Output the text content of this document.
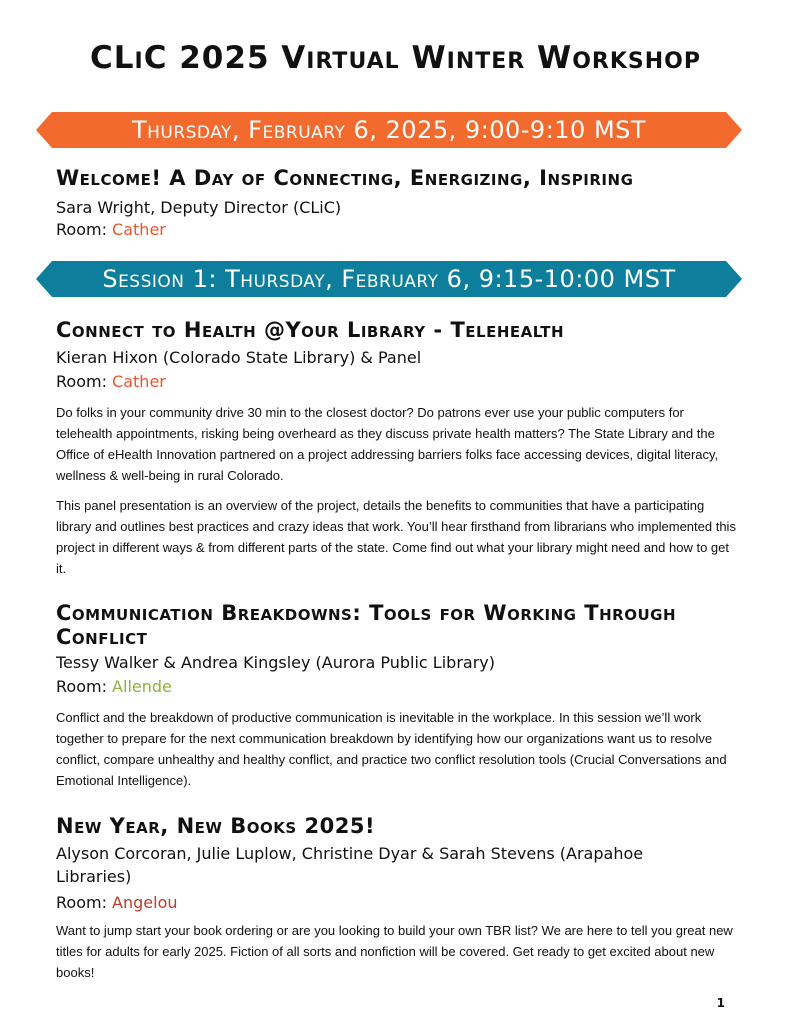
CLiC 2025 Virtual Winter Workshop
Thursday, February 6, 2025, 9:00-9:10 MST
Welcome! A Day of Connecting, Energizing, Inspiring
Sara Wright, Deputy Director (CLiC)
Room: Cather
Session 1: Thursday, February 6, 9:15-10:00 MST
Connect to Health @Your Library - Telehealth
Kieran Hixon (Colorado State Library) & Panel
Room: Cather

Do folks in your community drive 30 min to the closest doctor? Do patrons ever use your public computers for telehealth appointments, risking being overheard as they discuss private health matters? The State Library and the Office of eHealth Innovation partnered on a project addressing barriers folks face accessing devices, digital literacy, wellness & well-being in rural Colorado.

This panel presentation is an overview of the project, details the benefits to communities that have a participating library and outlines best practices and crazy ideas that work. You’ll hear firsthand from librarians who implemented this project in different ways & from different parts of the state. Come find out what your library might need and how to get it.

Communication Breakdowns: Tools for Working Through Conflict
Tessy Walker & Andrea Kingsley (Aurora Public Library)
Room: Allende

Conflict and the breakdown of productive communication is inevitable in the workplace. In this session we’ll work together to prepare for the next communication breakdown by identifying how our organizations want us to resolve conflict, compare unhealthy and healthy conflict, and practice two conflict resolution tools (Crucial Conversations and Emotional Intelligence).

New Year, New Books 2025!
Alyson Corcoran, Julie Luplow, Christine Dyar & Sarah Stevens (Arapahoe Libraries)
Room: Angelou

Want to jump start your book ordering or are you looking to build your own TBR list? We are here to tell you great new titles for adults for early 2025. Fiction of all sorts and nonfiction will be covered. Get ready to get excited about new books!

1
